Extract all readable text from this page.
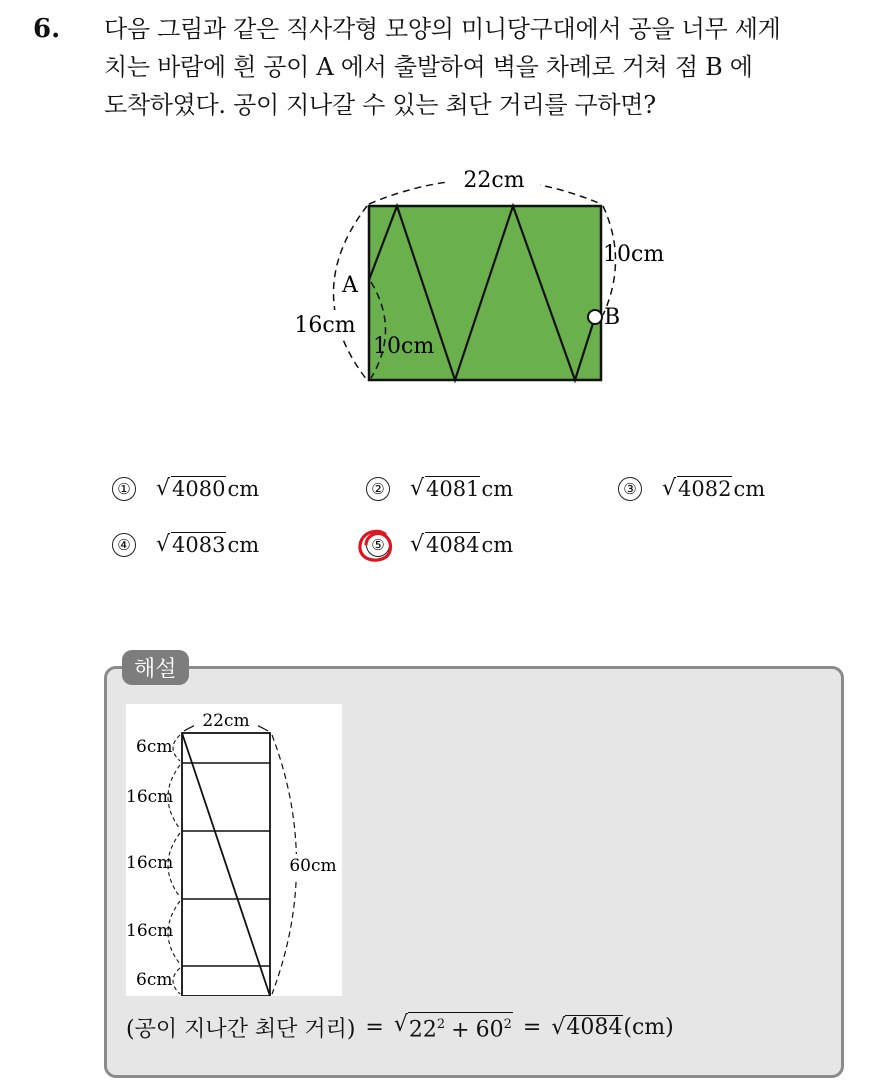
6. 다음 그림과 같은 직사각형 모양의 미니당구대에서 공을 너무 세게
치는 바람에 흰 공이 A 에서 출발하여 벽을 차례로 거쳐 점 B 에
도착하였다. 공이 지나갈 수 있는 최단 거리를 구하면?
22cm
16cm
10cm
10cm
A
B
① √ 4080 cm	② √ 4081 cm	③ √ 4082 cm
④ √ 4083 cm	⑤ √ 4084 cm
해설
22cm
60cm
6cm
16cm
16cm
16cm
6cm
(공이 지나간 최단 거리) = √ $22^2 + 60^2$ = √ 4084 (cm)
